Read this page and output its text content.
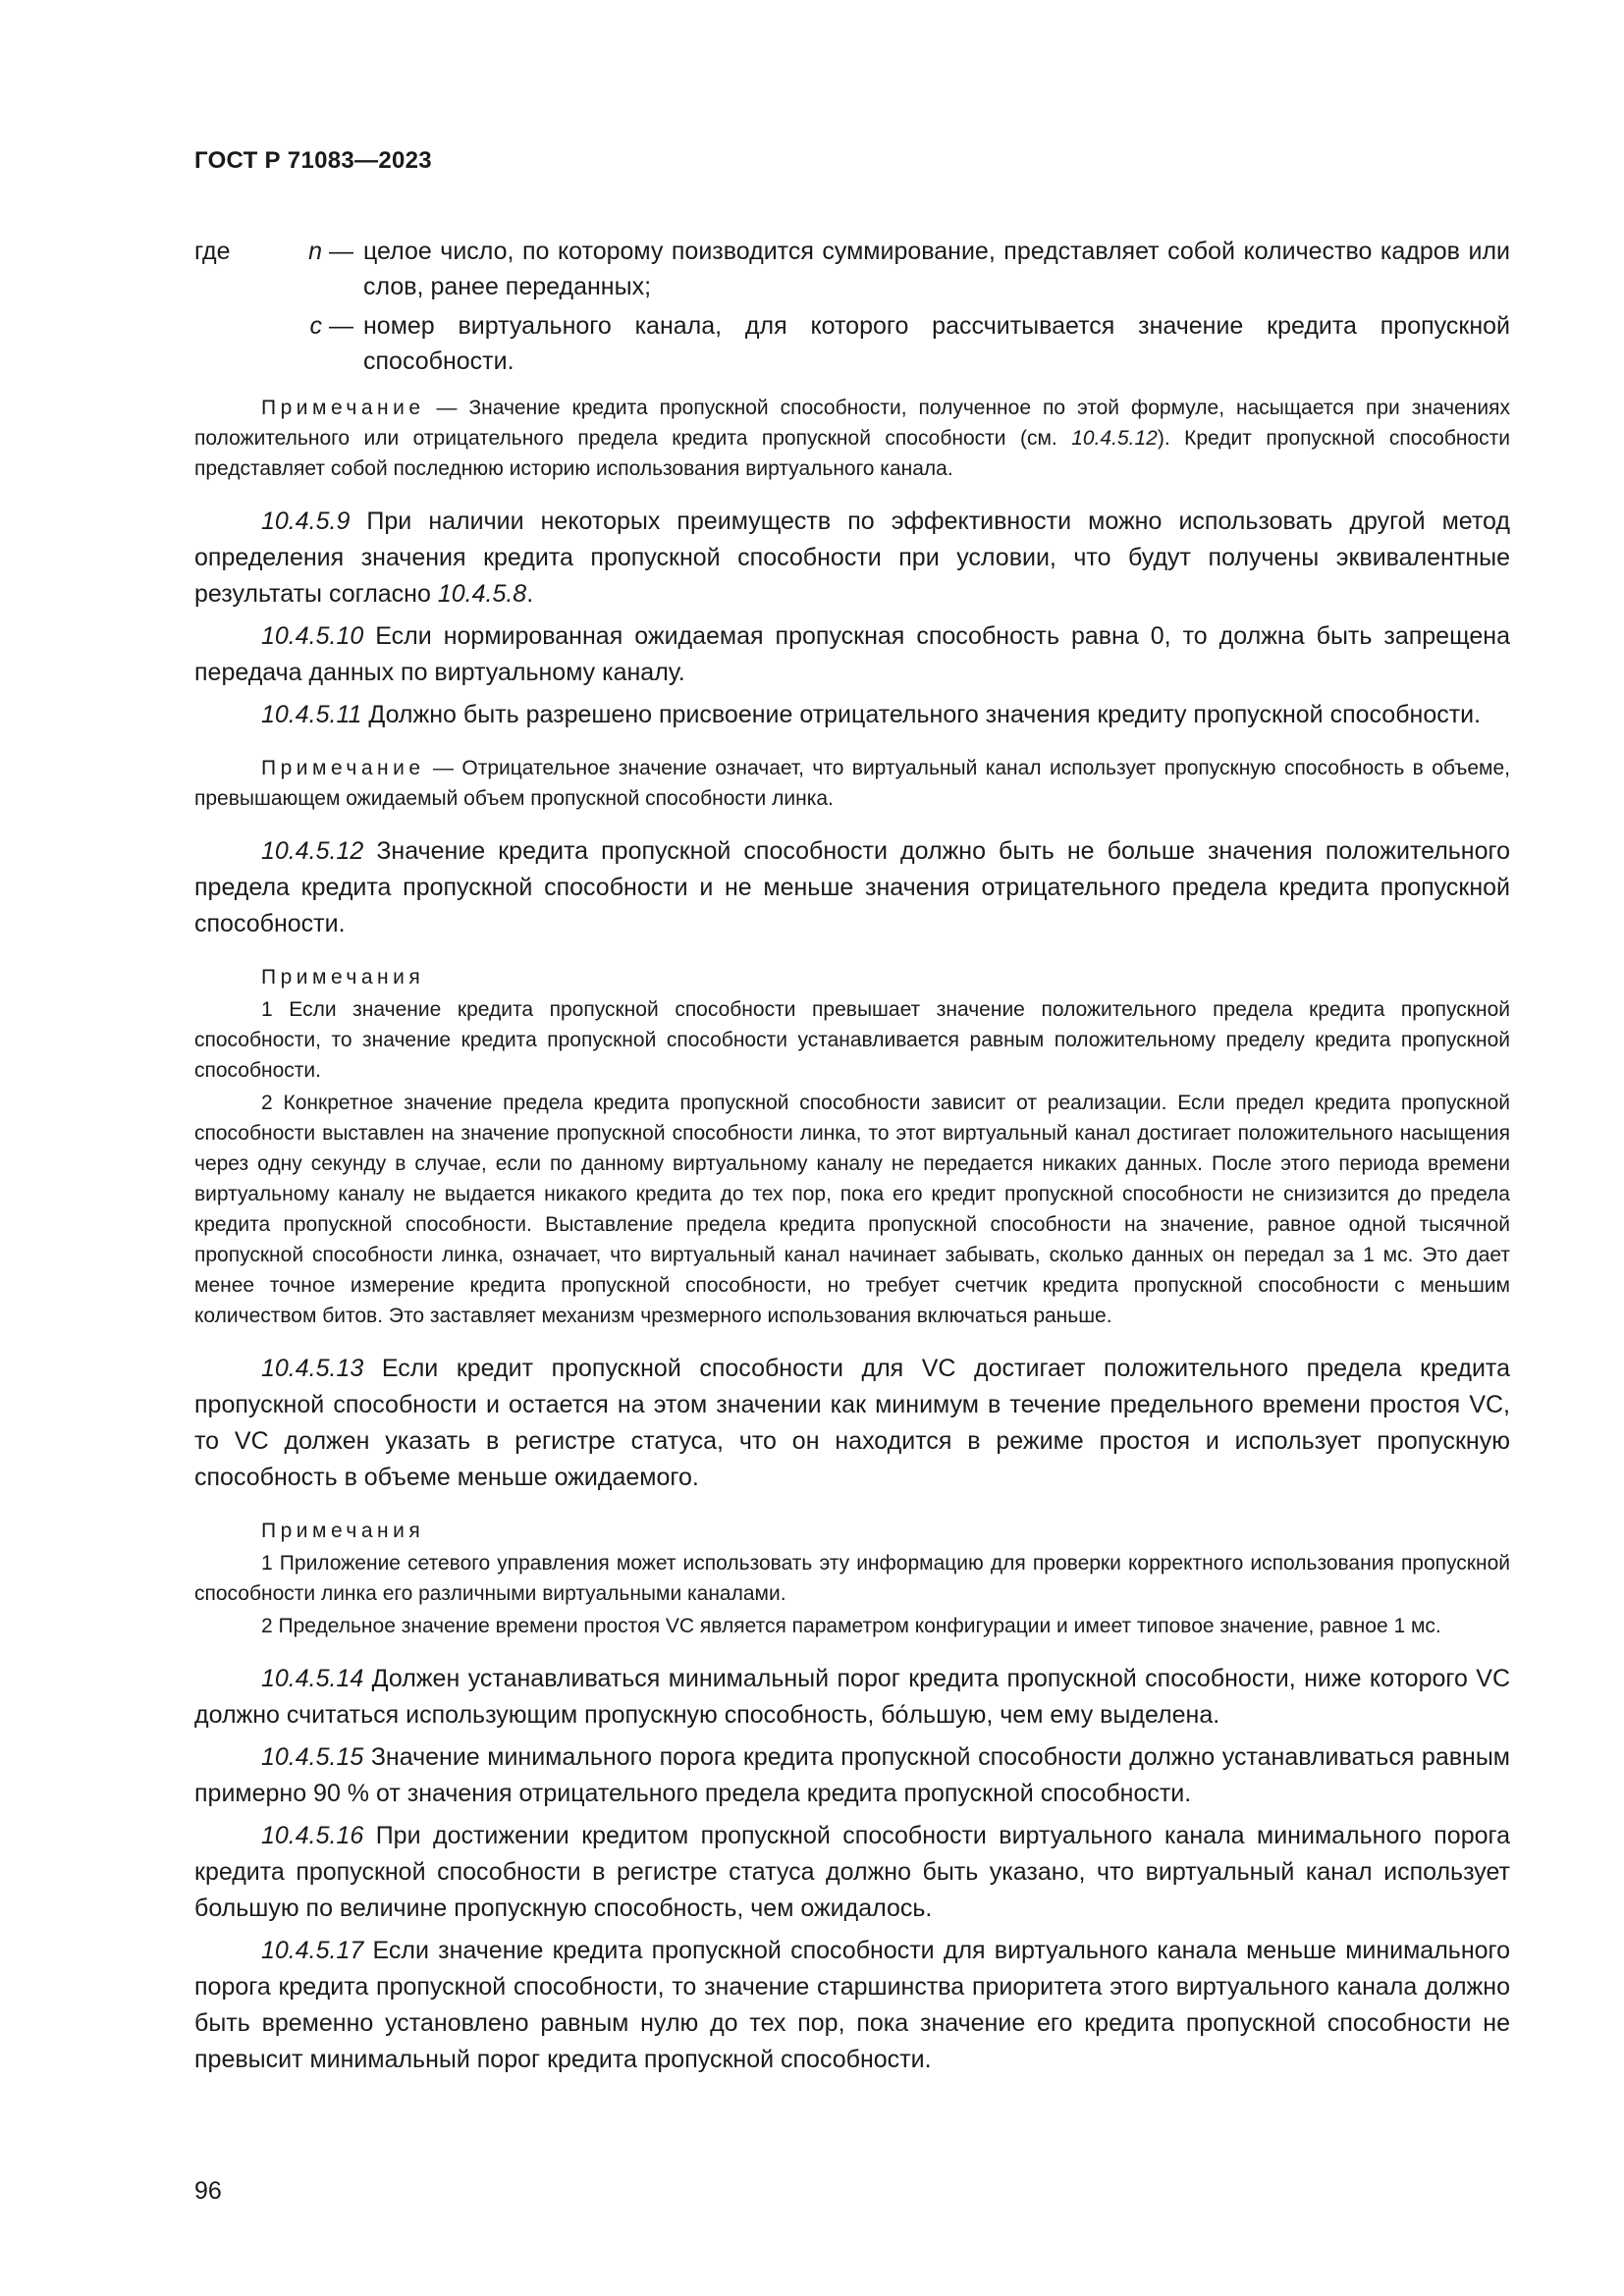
ГОСТ Р 71083—2023
где	n — целое число, по которому поизводится суммирование, представляет собой количество кадров или слов, ранее переданных;
c — номер виртуального канала, для которого рассчитывается значение кредита пропускной способности.

Примечание — Значение кредита пропускной способности, полученное по этой формуле, насыщается при значениях положительного или отрицательного предела кредита пропускной способности (см. 10.4.5.12). Кредит пропускной способности представляет собой последнюю историю использования виртуального канала.

10.4.5.9 При наличии некоторых преимуществ по эффективности можно использовать другой метод определения значения кредита пропускной способности при условии, что будут получены эквивалентные результаты согласно 10.4.5.8.

10.4.5.10 Если нормированная ожидаемая пропускная способность равна 0, то должна быть запрещена передача данных по виртуальному каналу.

10.4.5.11 Должно быть разрешено присвоение отрицательного значения кредиту пропускной способности.

Примечание — Отрицательное значение означает, что виртуальный канал использует пропускную способность в объеме, превышающем ожидаемый объем пропускной способности линка.

10.4.5.12 Значение кредита пропускной способности должно быть не больше значения положительного предела кредита пропускной способности и не меньше значения отрицательного предела кредита пропускной способности.

Примечания

1 Если значение кредита пропускной способности превышает значение положительного предела кредита пропускной способности, то значение кредита пропускной способности устанавливается равным положительному пределу кредита пропускной способности.

2 Конкретное значение предела кредита пропускной способности зависит от реализации. Если предел кредита пропускной способности выставлен на значение пропускной способности линка, то этот виртуальный канал достигает положительного насыщения через одну секунду в случае, если по данному виртуальному каналу не передается никаких данных. После этого периода времени виртуальному каналу не выдается никакого кредита до тех пор, пока его кредит пропускной способности не снизизится до предела кредита пропускной способности. Выставление предела кредита пропускной способности на значение, равное одной тысячной пропускной способности линка, означает, что виртуальный канал начинает забывать, сколько данных он передал за 1 мс. Это дает менее точное измерение кредита пропускной способности, но требует счетчик кредита пропускной способности с меньшим количеством битов. Это заставляет механизм чрезмерного использования включаться раньше.

10.4.5.13 Если кредит пропускной способности для VC достигает положительного предела кредита пропускной способности и остается на этом значении как минимум в течение предельного времени простоя VC, то VC должен указать в регистре статуса, что он находится в режиме простоя и использует пропускную способность в объеме меньше ожидаемого.

Примечания

1 Приложение сетевого управления может использовать эту информацию для проверки корректного использования пропускной способности линка его различными виртуальными каналами.

2 Предельное значение времени простоя VC является параметром конфигурации и имеет типовое значение, равное 1 мс.

10.4.5.14 Должен устанавливаться минимальный порог кредита пропускной способности, ниже которого VC должно считаться использующим пропускную способность, бо́льшую, чем ему выделена.

10.4.5.15 Значение минимального порога кредита пропускной способности должно устанавливаться равным примерно 90 % от значения отрицательного предела кредита пропускной способности.

10.4.5.16 При достижении кредитом пропускной способности виртуального канала минимального порога кредита пропускной способности в регистре статуса должно быть указано, что виртуальный канал использует большую по величине пропускную способность, чем ожидалось.

10.4.5.17 Если значение кредита пропускной способности для виртуального канала меньше минимального порога кредита пропускной способности, то значение старшинства приоритета этого виртуального канала должно быть временно установлено равным нулю до тех пор, пока значение его кредита пропускной способности не превысит минимальный порог кредита пропускной способности.

96
